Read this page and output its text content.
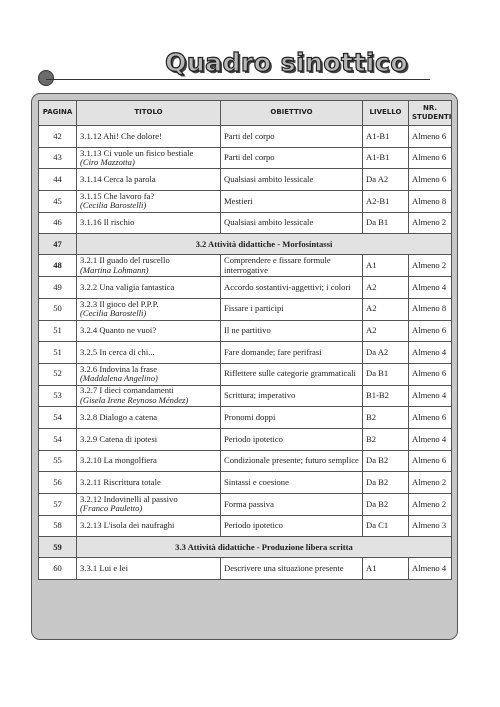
Quadro sinottico
PAGINA	TITOLO	OBIETTIVO	LIVELLO	NR.
STUDENTI
42	3.1.12 Ahi! Che dolore!	Parti del corpo	A1-B1	Almeno 6
43	3.1.13 Ci vuole un fisico bestiale
(Ciro Mazzotta)	Parti del corpo	A1-B1	Almeno 6
44	3.1.14 Cerca la parola	Qualsiasi ambito lessicale	Da A2	Almeno 6
45	3.1.15 Che lavoro fa?
(Cecilia Barostelli)	Mestieri	A2-B1	Almeno 8
46	3.1.16 Il rischio	Qualsiasi ambito lessicale	Da B1	Almeno 2
47	3.2 Attività didattiche - Morfosintassi			
48	3.2.1 Il guado del ruscello
(Martina Lohmann)	Comprendere e fissare formule interrogative	A1	Almeno 2
49	3.2.2 Una valigia fantastica	Accordo sostantivi-aggettivi; i colori	A2	Almeno 4
50	3.2.3 Il gioco del P.P.P.
(Cecilia Barostelli)	Fissare i participi	A2	Almeno 8
51	3.2.4 Quanto ne vuoi?	Il ne partitivo	A2	Almeno 6
51	3.2.5 In cerca di chi...	Fare domande; fare perifrasi	Da A2	Almeno 4
52	3.2.6 Indovina la frase
(Maddalena Angelino)	Riflettere sulle categorie grammaticali	Da B1	Almeno 6
53	3.2.7 I dieci comandamenti
(Gisela Irene Reynoso Méndez)	Scrittura; imperativo	B1-B2	Almeno 4
54	3.2.8 Dialogo a catena	Pronomi doppi	B2	Almeno 6
54	3.2.9 Catena di ipotesi	Periodo ipotetico	B2	Almeno 4
55	3.2.10 La mongolfiera	Condizionale presente; futuro semplice	Da B2	Almeno 6
56	3.2.11 Riscrittura totale	Sintassi e coesione	Da B2	Almeno 2
57	3.2.12 Indovinelli al passivo
(Franco Pauletto)	Forma passiva	Da B2	Almeno 2
58	3.2.13 L'isola dei naufraghi	Periodo ipotetico	Da C1	Almeno 3
59	3.3 Attività didattiche - Produzione libera scritta			
60	3.3.1 Lui e lei	Descrivere una situazione presente	A1	Almeno 4
